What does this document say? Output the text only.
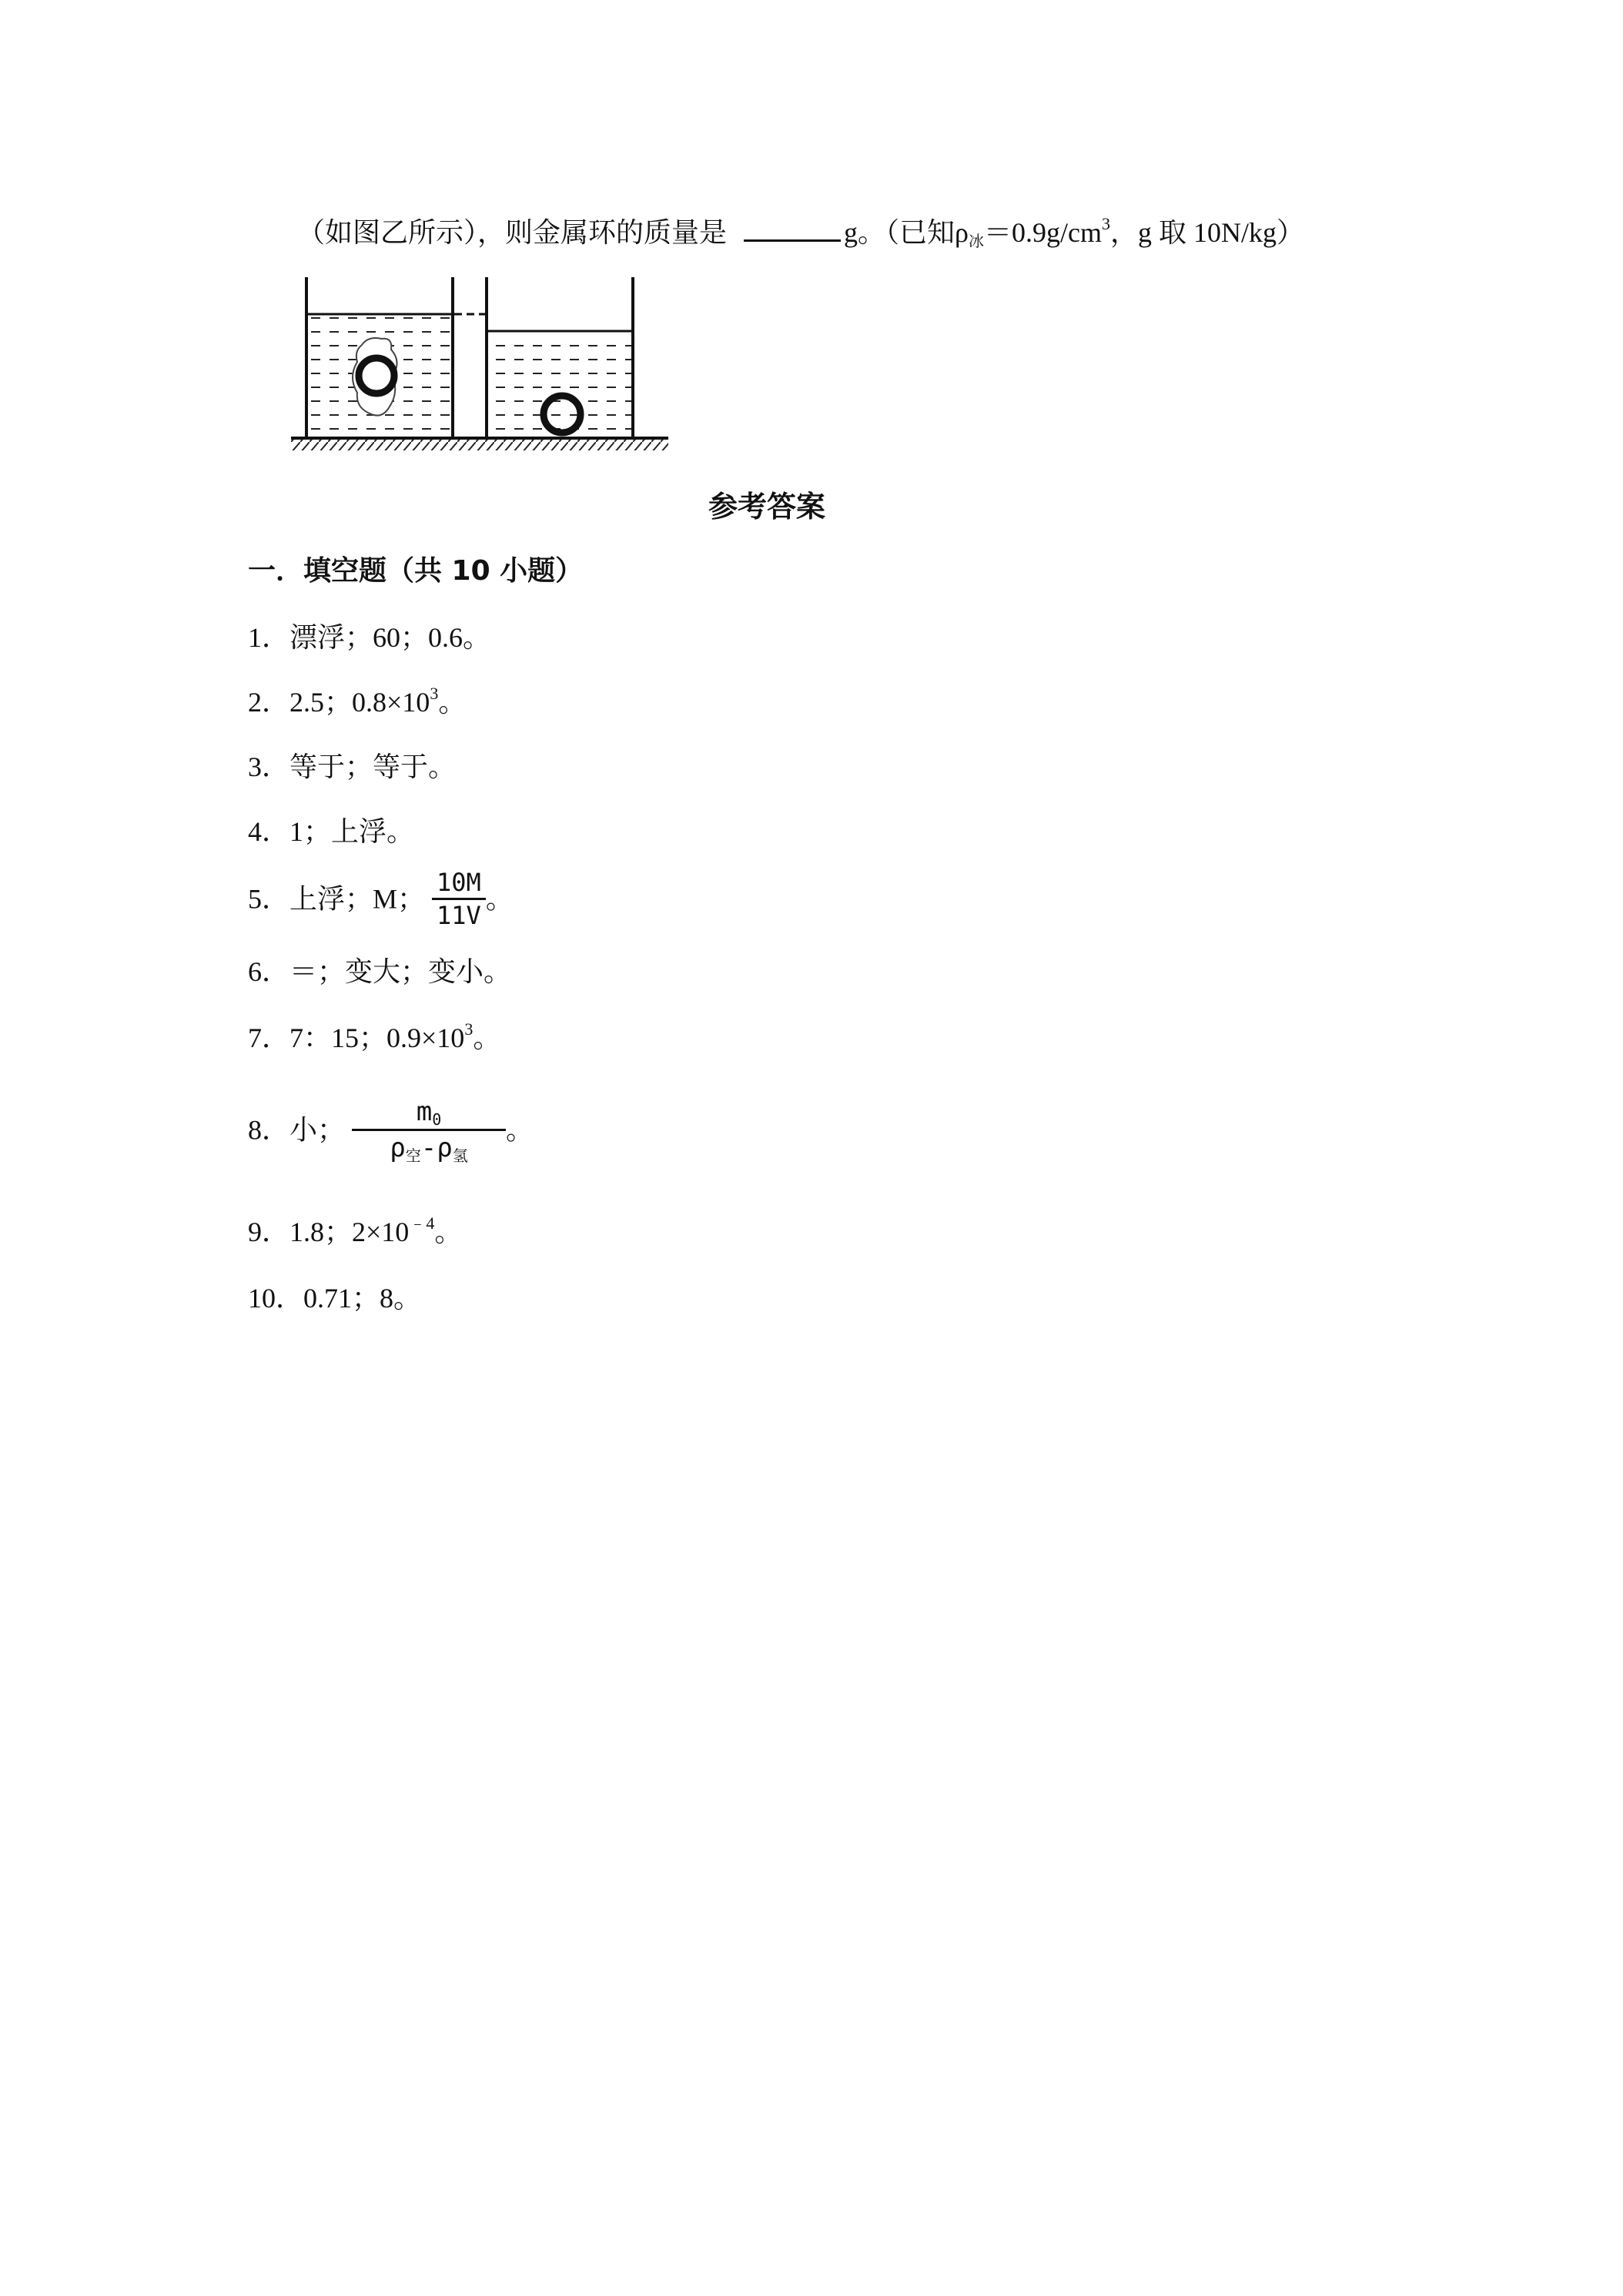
（如图乙所示），则金属环的质量是	g。（已知$\rho_冰=0.9g/cm^3$，g 取 10N/kg）
参考答案
一．填空题（共 10 小题）
1．漂浮；60；0.6。
2．2.5；$0.8\times 10^3$。
3．等于；等于。
4．1；上浮。
5．上浮；M； $\frac{10M}{11V}$ 。
6．＝；变大；变小。
7．7：15；$0.9\times 10^3$。
8．小； $\frac{m_0}{\rho_空-\rho_氢}$ 。
9．1.8；$2\times 10^{﹣4}$。
10．0.71；8。
